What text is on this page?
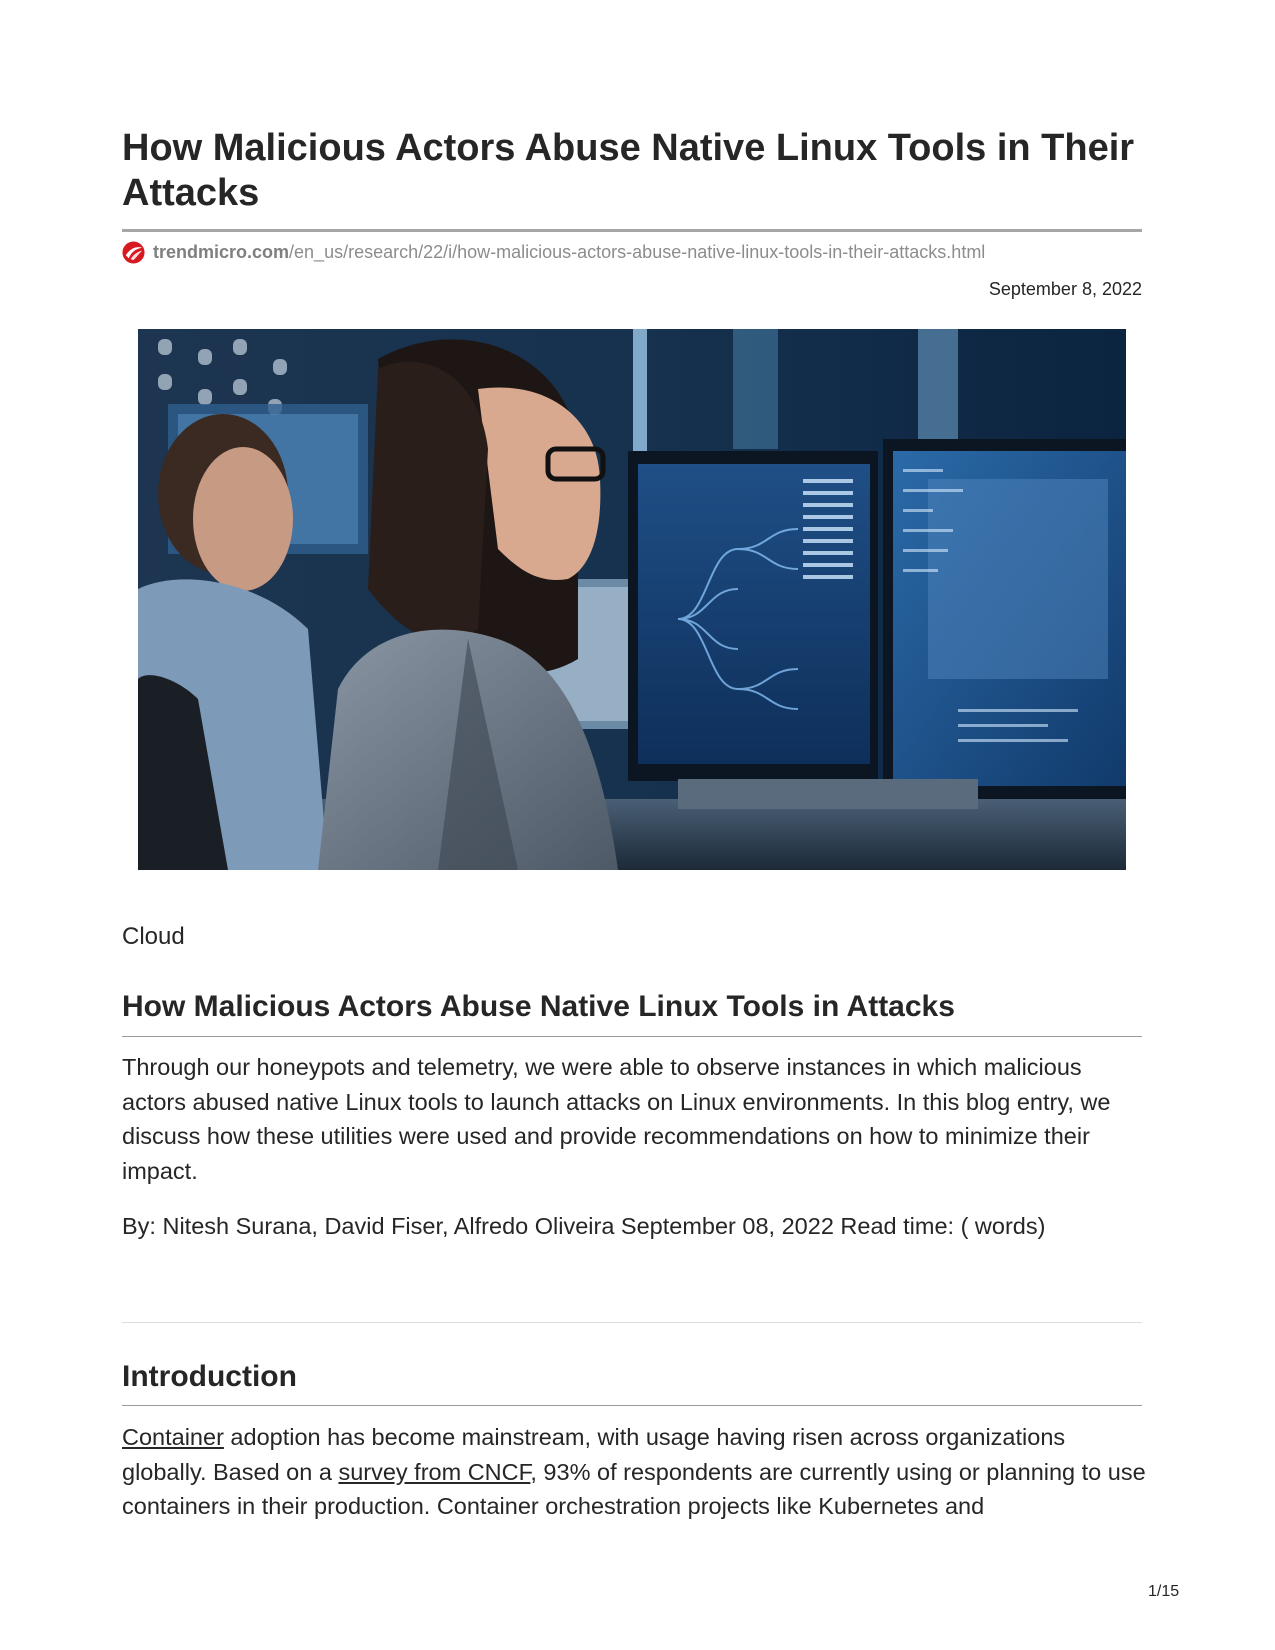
How Malicious Actors Abuse Native Linux Tools in Their Attacks
trendmicro.com /en_us/research/22/i/how-malicious-actors-abuse-native-linux-tools-in-their-attacks.html
September 8, 2022
Cloud
How Malicious Actors Abuse Native Linux Tools in Attacks

Through our honeypots and telemetry, we were able to observe instances in which malicious actors abused native Linux tools to launch attacks on Linux environments. In this blog entry, we discuss how these utilities were used and provide recommendations on how to minimize their impact.

By: Nitesh Surana, David Fiser, Alfredo Oliveira September 08, 2022 Read time: ( words)
Introduction

Container adoption has become mainstream, with usage having risen across organizations globally. Based on a survey from CNCF, 93% of respondents are currently using or planning to use containers in their production. Container orchestration projects like Kubernetes and

1/15
